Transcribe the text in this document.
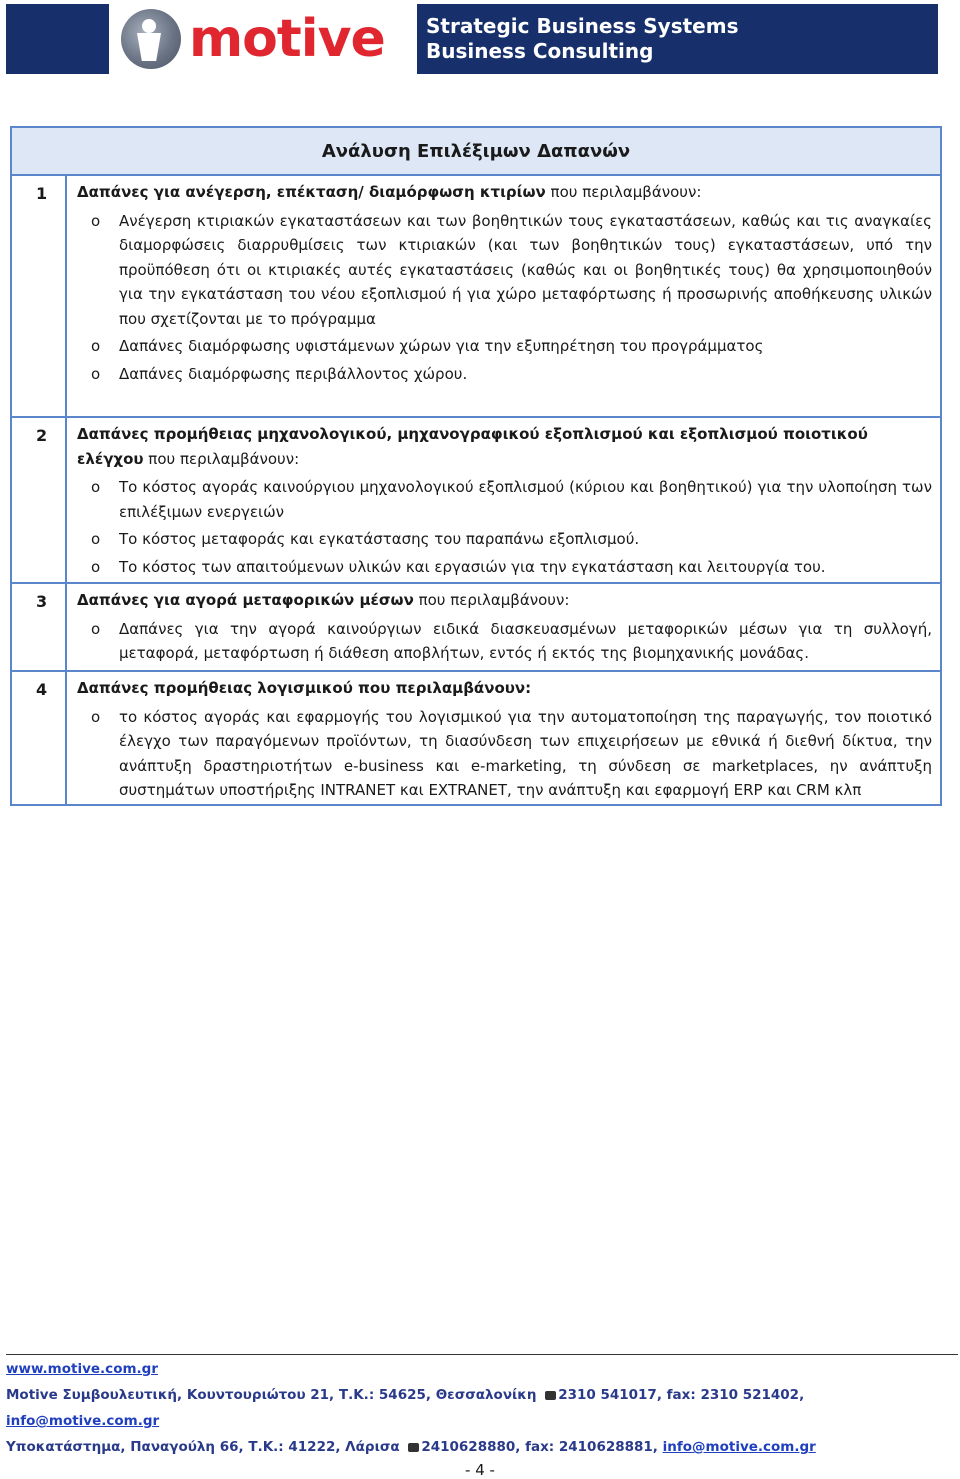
motive Strategic Business Systems
Business Consulting
Ανάλυση Επιλέξιμων Δαπανών
1	Δαπάνες για ανέγερση, επέκταση/ διαμόρφωση κτιρίων που περιλαμβάνουν:
o Ανέγερση κτιριακών εγκαταστάσεων και των βοηθητικών τους εγκαταστάσεων, καθώς και τις αναγκαίες διαμορφώσεις διαρρυθμίσεις των κτιριακών (και των βοηθητικών τους) εγκαταστάσεων, υπό την προϋπόθεση ότι οι κτιριακές αυτές εγκαταστάσεις (καθώς και οι βοηθητικές τους) θα χρησιμοποιηθούν για την εγκατάσταση του νέου εξοπλισμού ή για χώρο μεταφόρτωσης ή προσωρινής αποθήκευσης υλικών που σχετίζονται με το πρόγραμμα
o Δαπάνες διαμόρφωσης υφιστάμενων χώρων για την εξυπηρέτηση του προγράμματος
o Δαπάνες διαμόρφωσης περιβάλλοντος χώρου.
2	Δαπάνες προμήθειας μηχανολογικού, μηχανογραφικού εξοπλισμού και εξοπλισμού ποιοτικού ελέγχου που περιλαμβάνουν:
o Το κόστος αγοράς καινούργιου μηχανολογικού εξοπλισμού (κύριου και βοηθητικού) για την υλοποίηση των επιλέξιμων ενεργειών
o Το κόστος μεταφοράς και εγκατάστασης του παραπάνω εξοπλισμού.
o Το κόστος των απαιτούμενων υλικών και εργασιών για την εγκατάσταση και λειτουργία του.
3	Δαπάνες για αγορά μεταφορικών μέσων που περιλαμβάνουν:
o Δαπάνες για την αγορά καινούργιων ειδικά διασκευασμένων μεταφορικών μέσων για τη συλλογή, μεταφορά, μεταφόρτωση ή διάθεση αποβλήτων, εντός ή εκτός της βιομηχανικής μονάδας.
4	Δαπάνες προμήθειας λογισμικού που περιλαμβάνουν:
o το κόστος αγοράς και εφαρμογής του λογισμικού για την αυτοματοποίηση της παραγωγής, τον ποιοτικό έλεγχο των παραγόμενων προϊόντων, τη διασύνδεση των επιχειρήσεων με εθνικά ή διεθνή δίκτυα, την ανάπτυξη δραστηριοτήτων e-business και e-marketing, τη σύνδεση σε marketplaces, ην ανάπτυξη συστημάτων υποστήριξης INTRANET και EXTRANET, την ανάπτυξη και εφαρμογή ERP και CRM κλπ
www.motive.com.gr
Motive Συμβουλευτική, Κουντουριώτου 21, Τ.Κ.: 54625, Θεσσαλονίκη 2310 541017, fax: 2310 521402, info@motive.com.gr
Υποκατάστημα, Παναγούλη 66, Τ.Κ.: 41222, Λάρισα 2410628880, fax: 2410628881, info@motive.com.gr
- 4 -
